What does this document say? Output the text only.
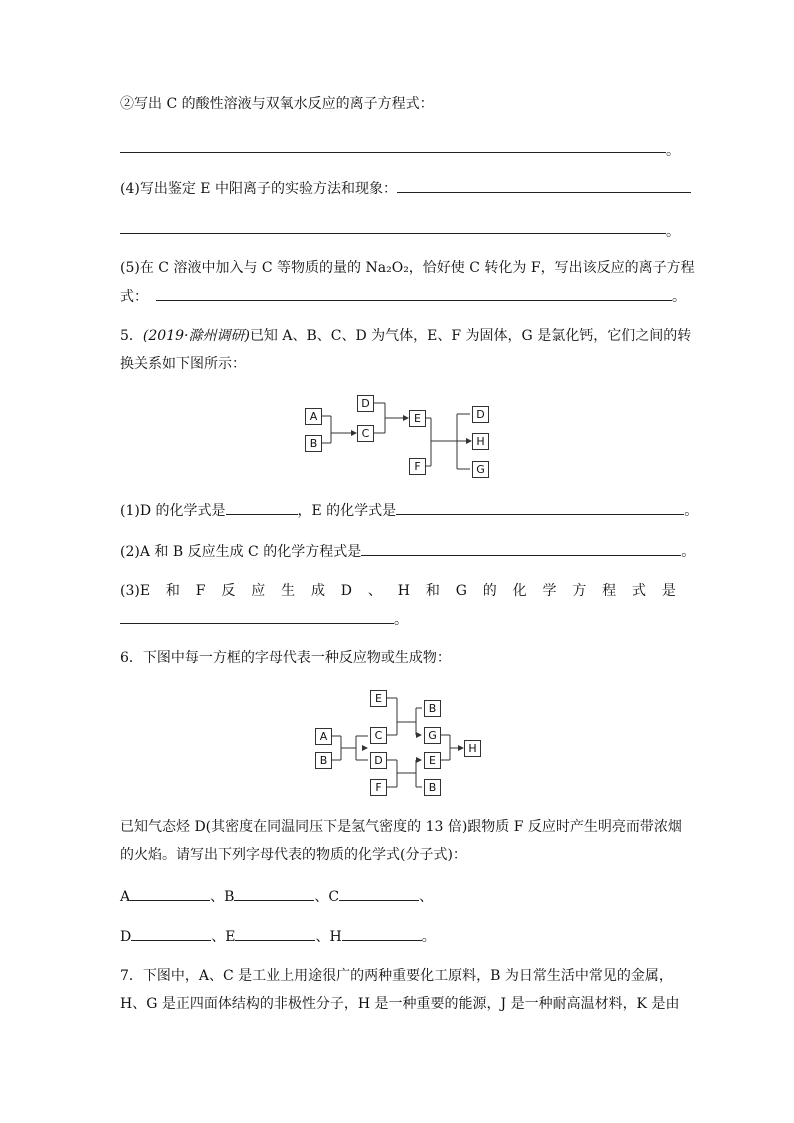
②写出 C 的酸性溶液与双氧水反应的离子方程式：
。
(4)写出鉴定 E 中阳离子的实验方法和现象：
。
(5)在 C 溶液中加入与 C 等物质的量的 Na₂O₂，恰好使 C 转化为 F，写出该反应的离子方程
式：	。
5．(2019·滁州调研)已知 A、B、C、D 为气体，E、F 为固体，G 是氯化钙，它们之间的转
换关系如下图所示：
A
B
D
C
E
F
D
H
G
(1)D 的化学式是	，E 的化学式是	。
(2)A 和 B 反应生成 C 的化学方程式是	。
(3)E 和 F 反 应 生 成 D 、 H 和 G 的 化 学 方 程 式 是
。
6．下图中每一方框的字母代表一种反应物或生成物：
E
B
A	C	G
H
B	D	E
F	B
已知气态烃 D(其密度在同温同压下是氢气密度的 13 倍)跟物质 F 反应时产生明亮而带浓烟
的火焰。请写出下列字母代表的物质的化学式(分子式)：
A	、B	、C	、
D	、E	、H	。
7．下图中，A、C 是工业上用途很广的两种重要化工原料，B 为日常生活中常见的金属，
H、G 是正四面体结构的非极性分子，H 是一种重要的能源，J 是一种耐高温材料，K 是由
